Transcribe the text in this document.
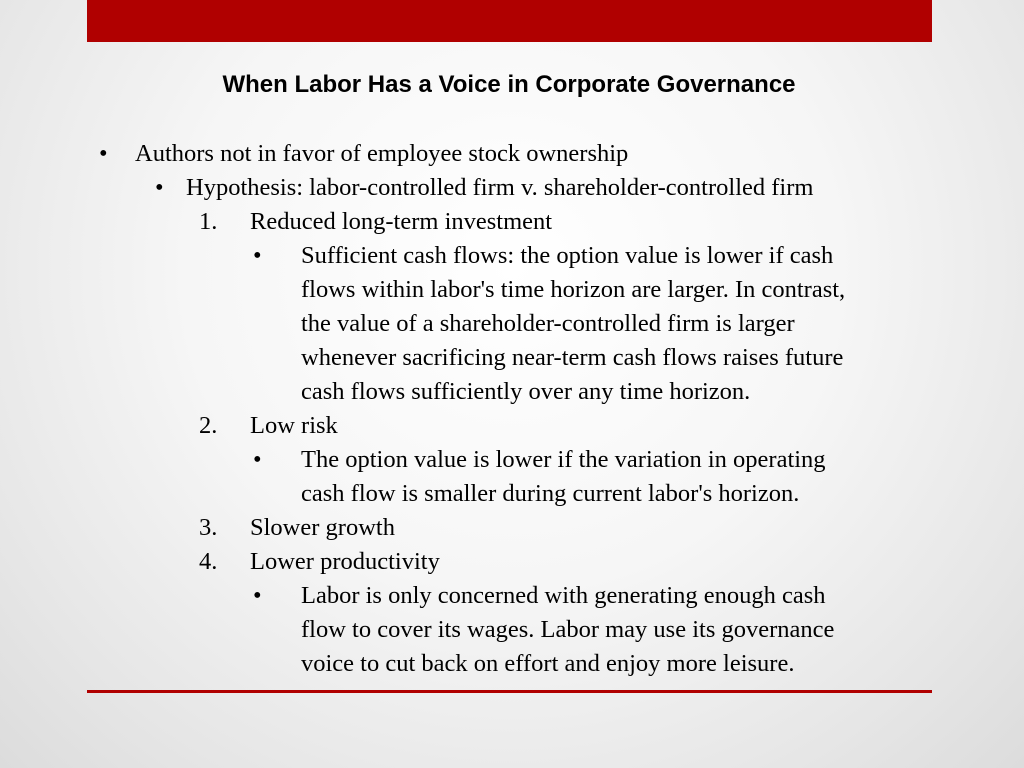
When Labor Has a Voice in Corporate Governance
• Authors not in favor of employee stock ownership
• Hypothesis: labor-controlled firm v. shareholder-controlled firm
1. Reduced long-term investment
• Sufficient cash flows: the option value is lower if cash
flows within labor's time horizon are larger. In contrast,
the value of a shareholder-controlled firm is larger
whenever sacrificing near-term cash flows raises future
cash flows sufficiently over any time horizon.
2. Low risk
• The option value is lower if the variation in operating
cash flow is smaller during current labor's horizon.
3. Slower growth
4. Lower productivity
• Labor is only concerned with generating enough cash
flow to cover its wages. Labor may use its governance
voice to cut back on effort and enjoy more leisure.
